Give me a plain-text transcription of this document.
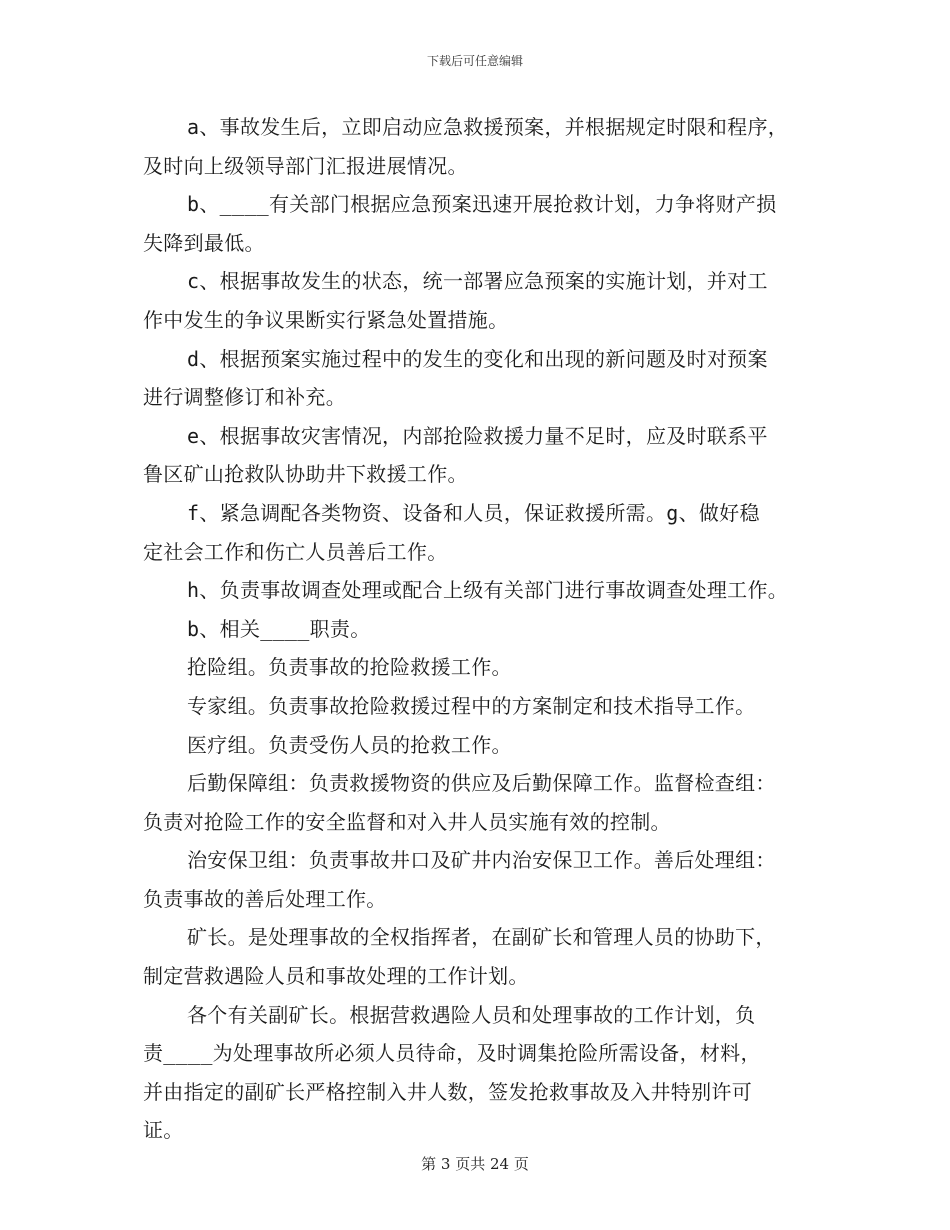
下载后可任意编辑
a、事故发生后，立即启动应急救援预案，并根据规定时限和程序，
及时向上级领导部门汇报进展情况。
b、____有关部门根据应急预案迅速开展抢救计划，力争将财产损
失降到最低。
c、根据事故发生的状态，统一部署应急预案的实施计划，并对工
作中发生的争议果断实行紧急处置措施。
d、根据预案实施过程中的发生的变化和出现的新问题及时对预案
进行调整修订和补充。
e、根据事故灾害情况，内部抢险救援力量不足时，应及时联系平
鲁区矿山抢救队协助井下救援工作。
f、紧急调配各类物资、设备和人员，保证救援所需。g、做好稳
定社会工作和伤亡人员善后工作。
h、负责事故调查处理或配合上级有关部门进行事故调查处理工作。
b、相关____职责。
抢险组。负责事故的抢险救援工作。
专家组。负责事故抢险救援过程中的方案制定和技术指导工作。
医疗组。负责受伤人员的抢救工作。
后勤保障组：负责救援物资的供应及后勤保障工作。监督检查组：
负责对抢险工作的安全监督和对入井人员实施有效的控制。
治安保卫组：负责事故井口及矿井内治安保卫工作。善后处理组：
负责事故的善后处理工作。
矿长。是处理事故的全权指挥者，在副矿长和管理人员的协助下，
制定营救遇险人员和事故处理的工作计划。
各个有关副矿长。根据营救遇险人员和处理事故的工作计划，负
责____为处理事故所必须人员待命，及时调集抢险所需设备，材料，
并由指定的副矿长严格控制入井人数，签发抢救事故及入井特别许可
证。
第 3 页共 24 页
